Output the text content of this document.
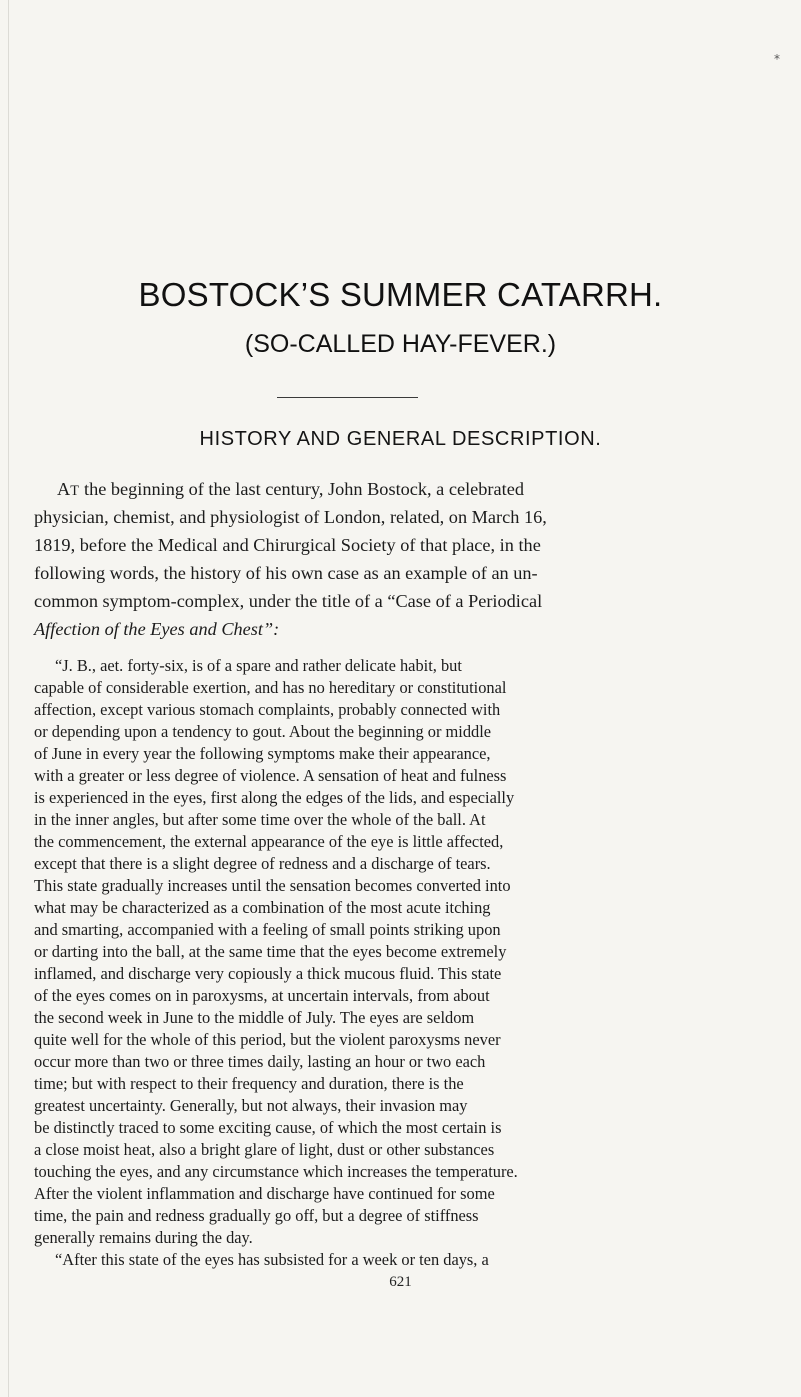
*
BOSTOCK’S SUMMER CATARRH.
(SO-CALLED HAY-FEVER.)
HISTORY AND GENERAL DESCRIPTION.
AT the beginning of the last century, John Bostock, a celebrated
physician, chemist, and physiologist of London, related, on March 16,
1819, before the Medical and Chirurgical Society of that place, in the
following words, the history of his own case as an example of an un-
common symptom-complex, under the title of a “Case of a Periodical
Affection of the Eyes and Chest”:
“J. B., aet. forty-six, is of a spare and rather delicate habit, but
capable of considerable exertion, and has no hereditary or constitutional
affection, except various stomach complaints, probably connected with
or depending upon a tendency to gout. About the beginning or middle
of June in every year the following symptoms make their appearance,
with a greater or less degree of violence. A sensation of heat and fulness
is experienced in the eyes, first along the edges of the lids, and especially
in the inner angles, but after some time over the whole of the ball. At
the commencement, the external appearance of the eye is little affected,
except that there is a slight degree of redness and a discharge of tears.
This state gradually increases until the sensation becomes converted into
what may be characterized as a combination of the most acute itching
and smarting, accompanied with a feeling of small points striking upon
or darting into the ball, at the same time that the eyes become extremely
inflamed, and discharge very copiously a thick mucous fluid. This state
of the eyes comes on in paroxysms, at uncertain intervals, from about
the second week in June to the middle of July. The eyes are seldom
quite well for the whole of this period, but the violent paroxysms never
occur more than two or three times daily, lasting an hour or two each
time; but with respect to their frequency and duration, there is the
greatest uncertainty. Generally, but not always, their invasion may
be distinctly traced to some exciting cause, of which the most certain is
a close moist heat, also a bright glare of light, dust or other substances
touching the eyes, and any circumstance which increases the temperature.
After the violent inflammation and discharge have continued for some
time, the pain and redness gradually go off, but a degree of stiffness
generally remains during the day.
“After this state of the eyes has subsisted for a week or ten days, a
621
